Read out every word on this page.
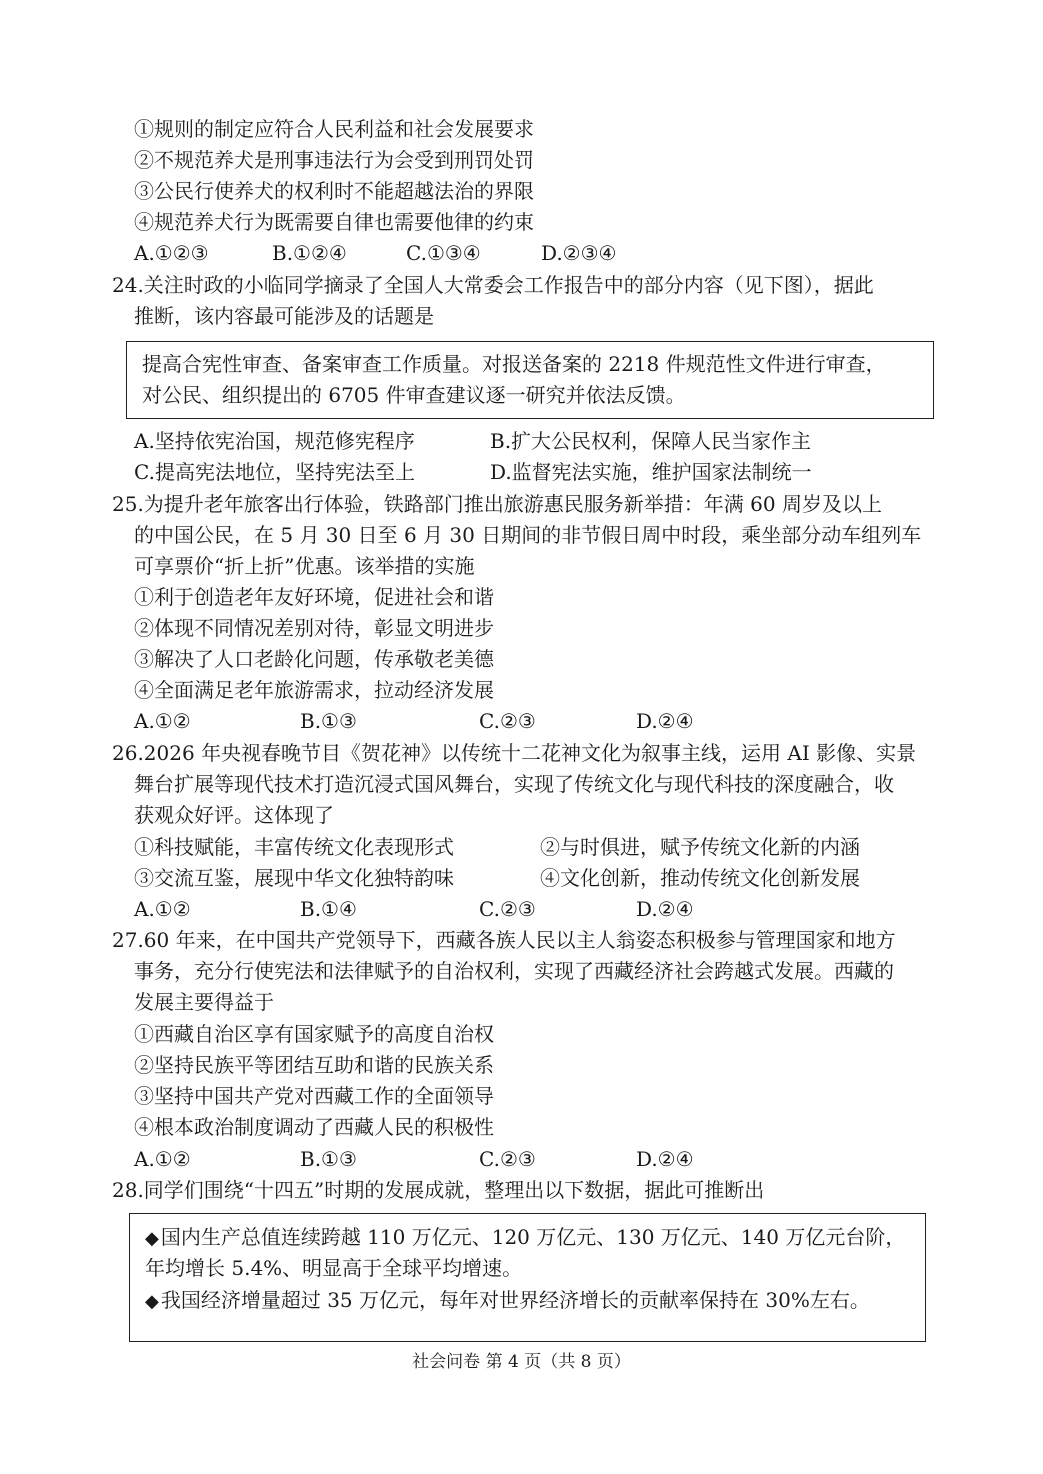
①规则的制定应符合人民利益和社会发展要求
②不规范养犬是刑事违法行为会受到刑罚处罚
③公民行使养犬的权利时不能超越法治的界限
④规范养犬行为既需要自律也需要他律的约束
A.①②③	B.①②④	C.①③④	D.②③④
24.关注时政的小临同学摘录了全国人大常委会工作报告中的部分内容（见下图），据此
推断，该内容最可能涉及的话题是
提高合宪性审查、备案审查工作质量。对报送备案的 2218 件规范性文件进行审查，
对公民、组织提出的 6705 件审查建议逐一研究并依法反馈。
A.坚持依宪治国，规范修宪程序	B.扩大公民权利，保障人民当家作主
C.提高宪法地位，坚持宪法至上	D.监督宪法实施，维护国家法制统一
25.为提升老年旅客出行体验，铁路部门推出旅游惠民服务新举措：年满 60 周岁及以上
的中国公民，在 5 月 30 日至 6 月 30 日期间的非节假日周中时段，乘坐部分动车组列车
可享票价“折上折”优惠。该举措的实施
①利于创造老年友好环境，促进社会和谐
②体现不同情况差别对待，彰显文明进步
③解决了人口老龄化问题，传承敬老美德
④全面满足老年旅游需求，拉动经济发展
A.①②	B.①③	C.②③	D.②④
26.2026 年央视春晚节目《贺花神》以传统十二花神文化为叙事主线，运用 AI 影像、实景
舞台扩展等现代技术打造沉浸式国风舞台，实现了传统文化与现代科技的深度融合，收
获观众好评。这体现了
①科技赋能，丰富传统文化表现形式	②与时俱进，赋予传统文化新的内涵
③交流互鉴，展现中华文化独特韵味	④文化创新，推动传统文化创新发展
A.①②	B.①④	C.②③	D.②④
27.60 年来，在中国共产党领导下，西藏各族人民以主人翁姿态积极参与管理国家和地方
事务，充分行使宪法和法律赋予的自治权利，实现了西藏经济社会跨越式发展。西藏的
发展主要得益于
①西藏自治区享有国家赋予的高度自治权
②坚持民族平等团结互助和谐的民族关系
③坚持中国共产党对西藏工作的全面领导
④根本政治制度调动了西藏人民的积极性
A.①②	B.①③	C.②③	D.②④
28.同学们围绕“十四五”时期的发展成就，整理出以下数据，据此可推断出
◆ 国内生产总值连续跨越 110 万亿元、120 万亿元、130 万亿元、140 万亿元台阶，
年均增长 5.4%、明显高于全球平均增速。
◆ 我国经济增量超过 35 万亿元，每年对世界经济增长的贡献率保持在 30%左右。
社会问卷 第 4 页（共 8 页）
